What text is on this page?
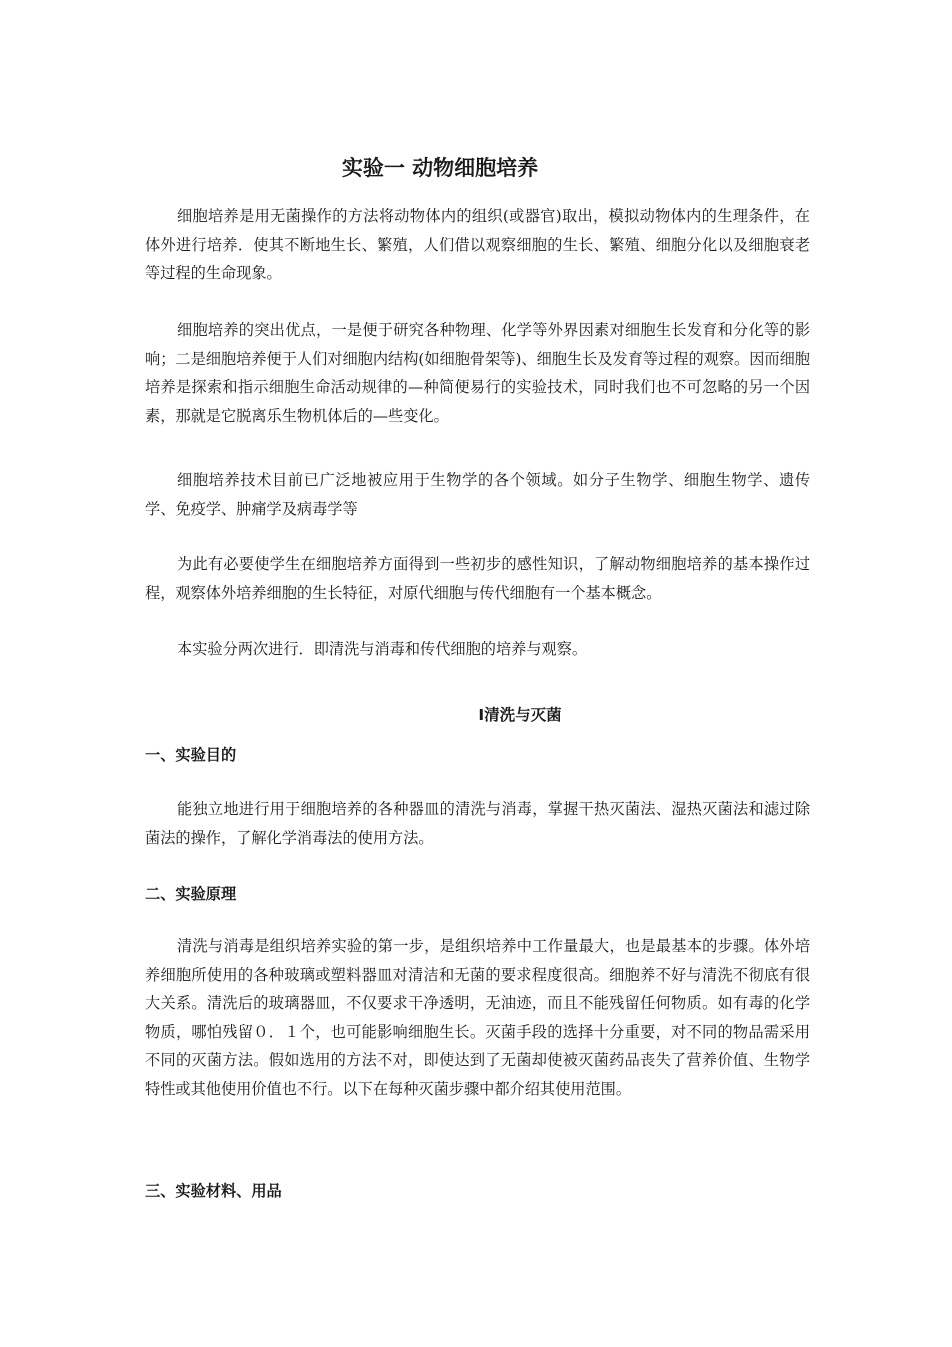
实验一 动物细胞培养

细胞培养是用无菌操作的方法将动物体内的组织(或器官)取出，模拟动物体内的生理条件，在体外进行培养．使其不断地生长、繁殖，人们借以观察细胞的生长、繁殖、细胞分化以及细胞衰老等过程的生命现象。

细胞培养的突出优点，一是便于研究各种物理、化学等外界因素对细胞生长发育和分化等的影响；二是细胞培养便于人们对细胞内结构(如细胞骨架等)、细胞生长及发育等过程的观察。因而细胞培养是探索和指示细胞生命活动规律的—种简便易行的实验技术，同时我们也不可忽略的另一个因素，那就是它脱离乐生物机体后的—些变化。

细胞培养技术目前已广泛地被应用于生物学的各个领域。如分子生物学、细胞生物学、遗传学、免疫学、肿痛学及病毒学等

为此有必要使学生在细胞培养方面得到一些初步的感性知识，了解动物细胞培养的基本操作过程，观察体外培养细胞的生长特征，对原代细胞与传代细胞有一个基本概念。

本实验分两次进行．即清洗与消毒和传代细胞的培养与观察。

Ⅰ清洗与灭菌
一、实验目的

能独立地进行用于细胞培养的各种器皿的清洗与消毒，掌握干热灭菌法、湿热灭菌法和滤过除菌法的操作，了解化学消毒法的使用方法。

二、实验原理

清洗与消毒是组织培养实验的第一步，是组织培养中工作量最大，也是最基本的步骤。体外培养细胞所使用的各种玻璃或塑料器皿对清洁和无菌的要求程度很高。细胞养不好与清洗不彻底有很大关系。清洗后的玻璃器皿，不仅要求干净透明，无油迹，而且不能残留任何物质。如有毒的化学物质，哪怕残留０．１个，也可能影响细胞生长。灭菌手段的选择十分重要，对不同的物品需采用不同的灭菌方法。假如选用的方法不对，即使达到了无菌却使被灭菌药品丧失了营养价值、生物学特性或其他使用价值也不行。以下在每种灭菌步骤中都介绍其使用范围。

三、实验材料、用品
